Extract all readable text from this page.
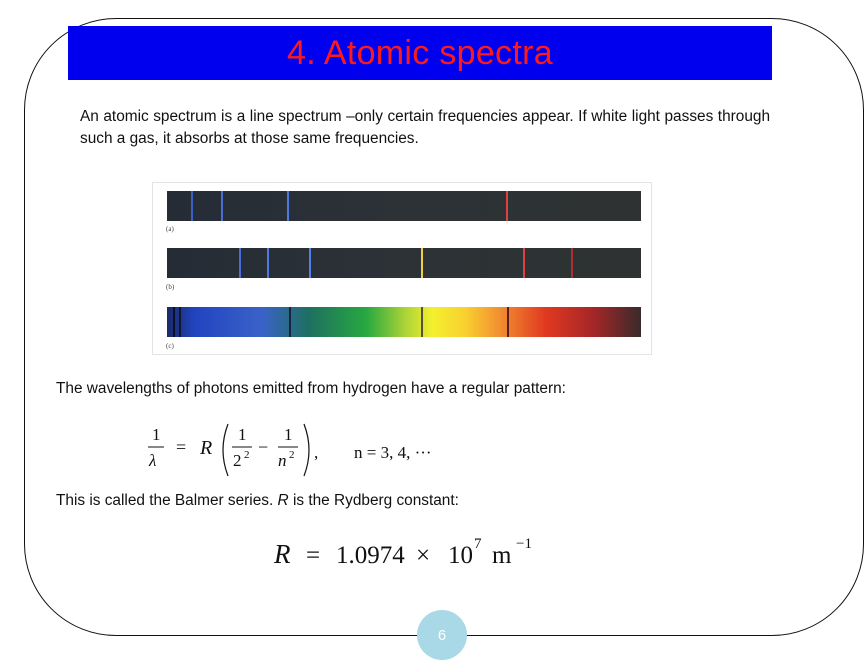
4. Atomic spectra

An atomic spectrum is a line spectrum –only certain frequencies appear. If white light passes through such a gas, it absorbs at those same frequencies.

(a)
(b)
(c)

The wavelengths of photons emitted from hydrogen have a regular pattern:

1
λ
= R
1
2 2 −
1
n 2 , n = 3, 4, ···

This is called the Balmer series. R is the Rydberg constant:

R = 1.0974 × 10 7 m −1
6
